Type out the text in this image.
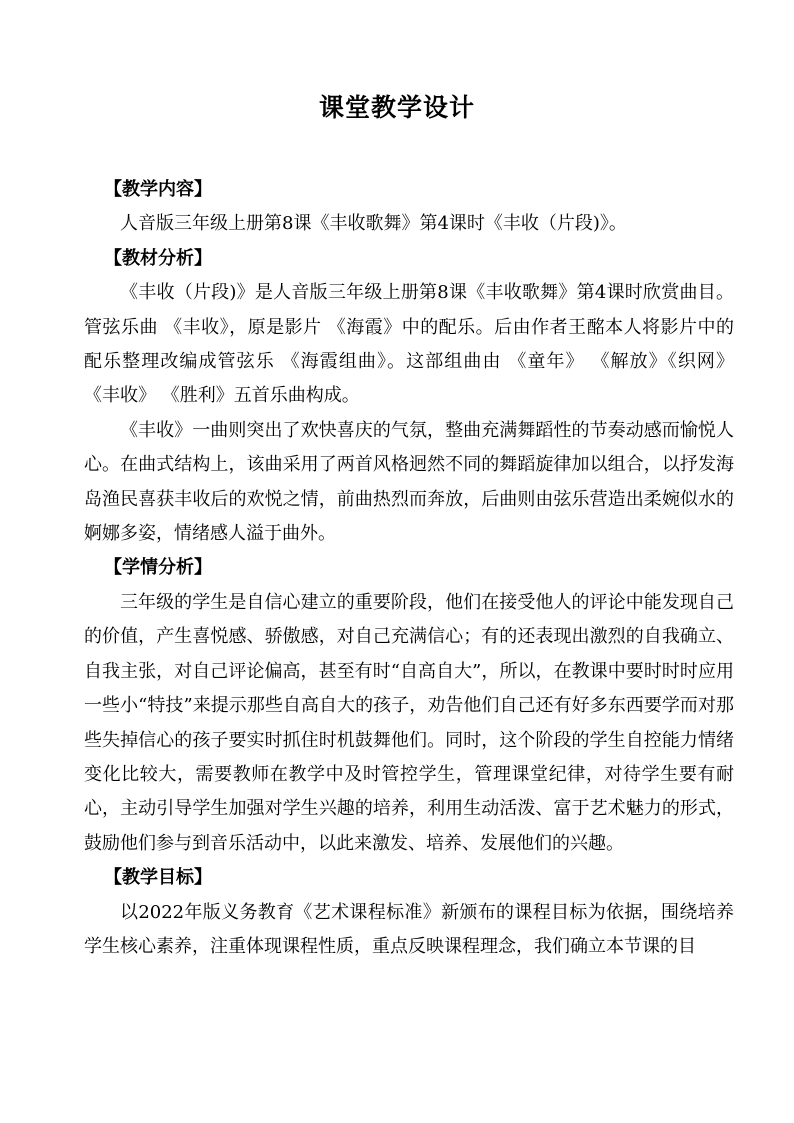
课堂教学设计

【教学内容】

人音版三年级上册第8课《丰收歌舞》第4课时《丰收（片段)》。

【教材分析】

《丰收（片段)》是人音版三年级上册第8课《丰收歌舞》第4课时欣赏曲目。管弦乐曲 《丰收》，原是影片 《海霞》中的配乐。后由作者王酩本人将影片中的配乐整理改编成管弦乐 《海霞组曲》。这部组曲由 《童年》 《解放》《织网》 《丰收》 《胜利》五首乐曲构成。

《丰收》一曲则突出了欢快喜庆的气氛，整曲充满舞蹈性的节奏动感而愉悦人心。在曲式结构上，该曲采用了两首风格迥然不同的舞蹈旋律加以组合，以抒发海岛渔民喜获丰收后的欢悦之情，前曲热烈而奔放，后曲则由弦乐营造出柔婉似水的婀娜多姿，情绪感人溢于曲外。

【学情分析】

三年级的学生是自信心建立的重要阶段，他们在接受他人的评论中能发现自己的价值，产生喜悦感、骄傲感，对自己充满信心；有的还表现出激烈的自我确立、自我主张，对自己评论偏高，甚至有时“自高自大”，所以，在教课中要时时时应用一些小“特技”来提示那些自高自大的孩子，劝告他们自己还有好多东西要学而对那些失掉信心的孩子要实时抓住时机鼓舞他们。同时，这个阶段的学生自控能力情绪变化比较大，需要教师在教学中及时管控学生，管理课堂纪律，对待学生要有耐心，主动引导学生加强对学生兴趣的培养，利用生动活泼、富于艺术魅力的形式，鼓励他们参与到音乐活动中，以此来激发、培养、发展他们的兴趣。

【教学目标】

以2022年版义务教育《艺术课程标准》新颁布的课程目标为依据，围绕培养学生核心素养，注重体现课程性质，重点反映课程理念，我们确立本节课的目
